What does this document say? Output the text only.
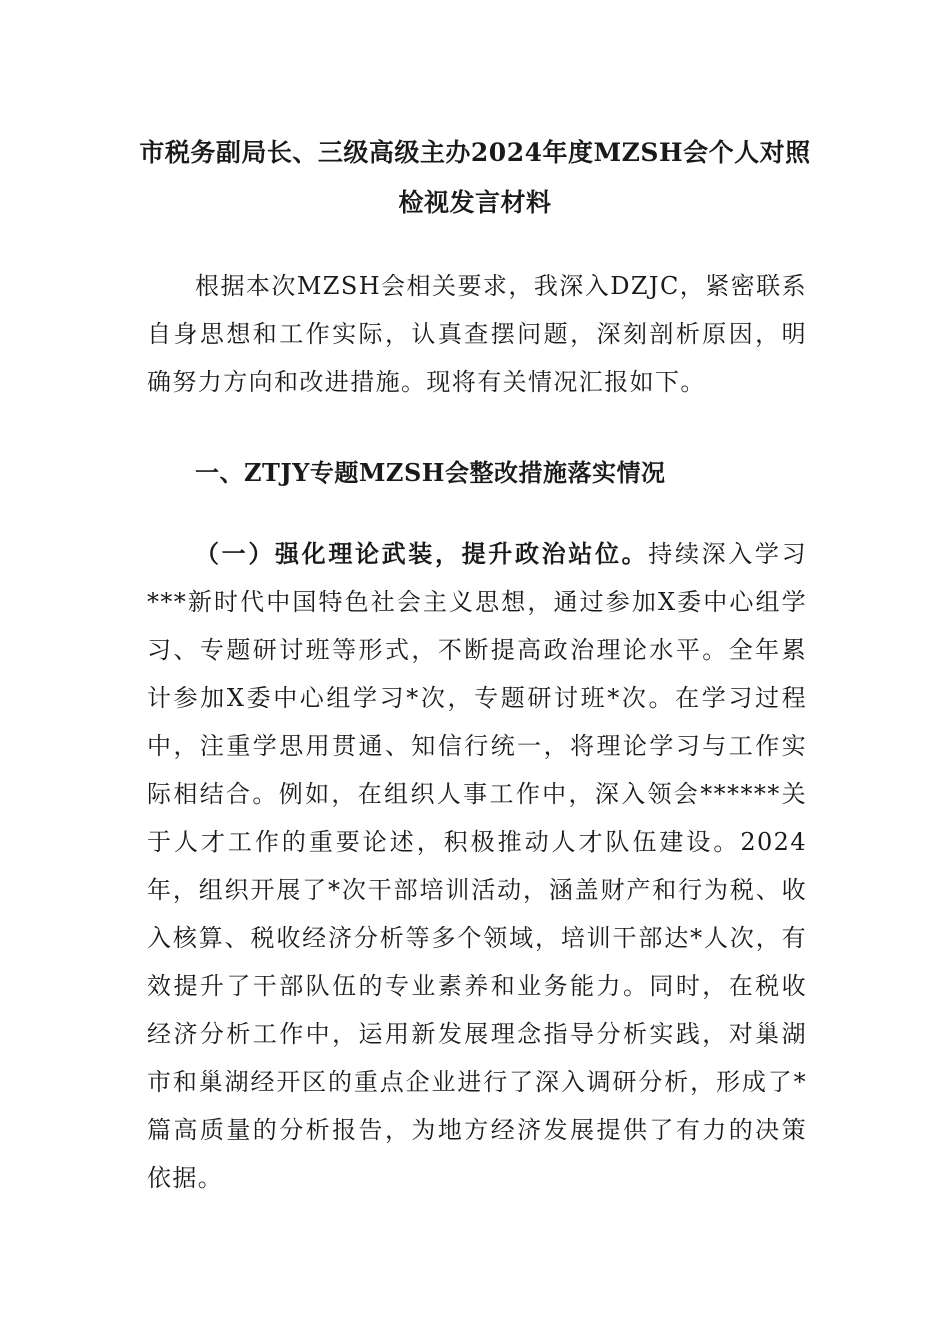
市税务副局长、三级高级主办2024年度MZSH会个人对照检视发言材料

根据本次MZSH会相关要求，我深入DZJC，紧密联系自身思想和工作实际，认真查摆问题，深刻剖析原因，明确努力方向和改进措施。现将有关情况汇报如下。

一、ZTJY专题MZSH会整改措施落实情况

（一）强化理论武装，提升政治站位。持续深入学习***新时代中国特色社会主义思想，通过参加X委中心组学习、专题研讨班等形式，不断提高政治理论水平。全年累计参加X委中心组学习*次，专题研讨班*次。在学习过程中，注重学思用贯通、知信行统一，将理论学习与工作实际相结合。例如，在组织人事工作中，深入领会******关于人才工作的重要论述，积极推动人才队伍建设。2024年，组织开展了*次干部培训活动，涵盖财产和行为税、收入核算、税收经济分析等多个领域，培训干部达*人次，有效提升了干部队伍的专业素养和业务能力。同时，在税收经济分析工作中，运用新发展理念指导分析实践，对巢湖市和巢湖经开区的重点企业进行了深入调研分析，形成了*篇高质量的分析报告，为地方经济发展提供了有力的决策依据。
